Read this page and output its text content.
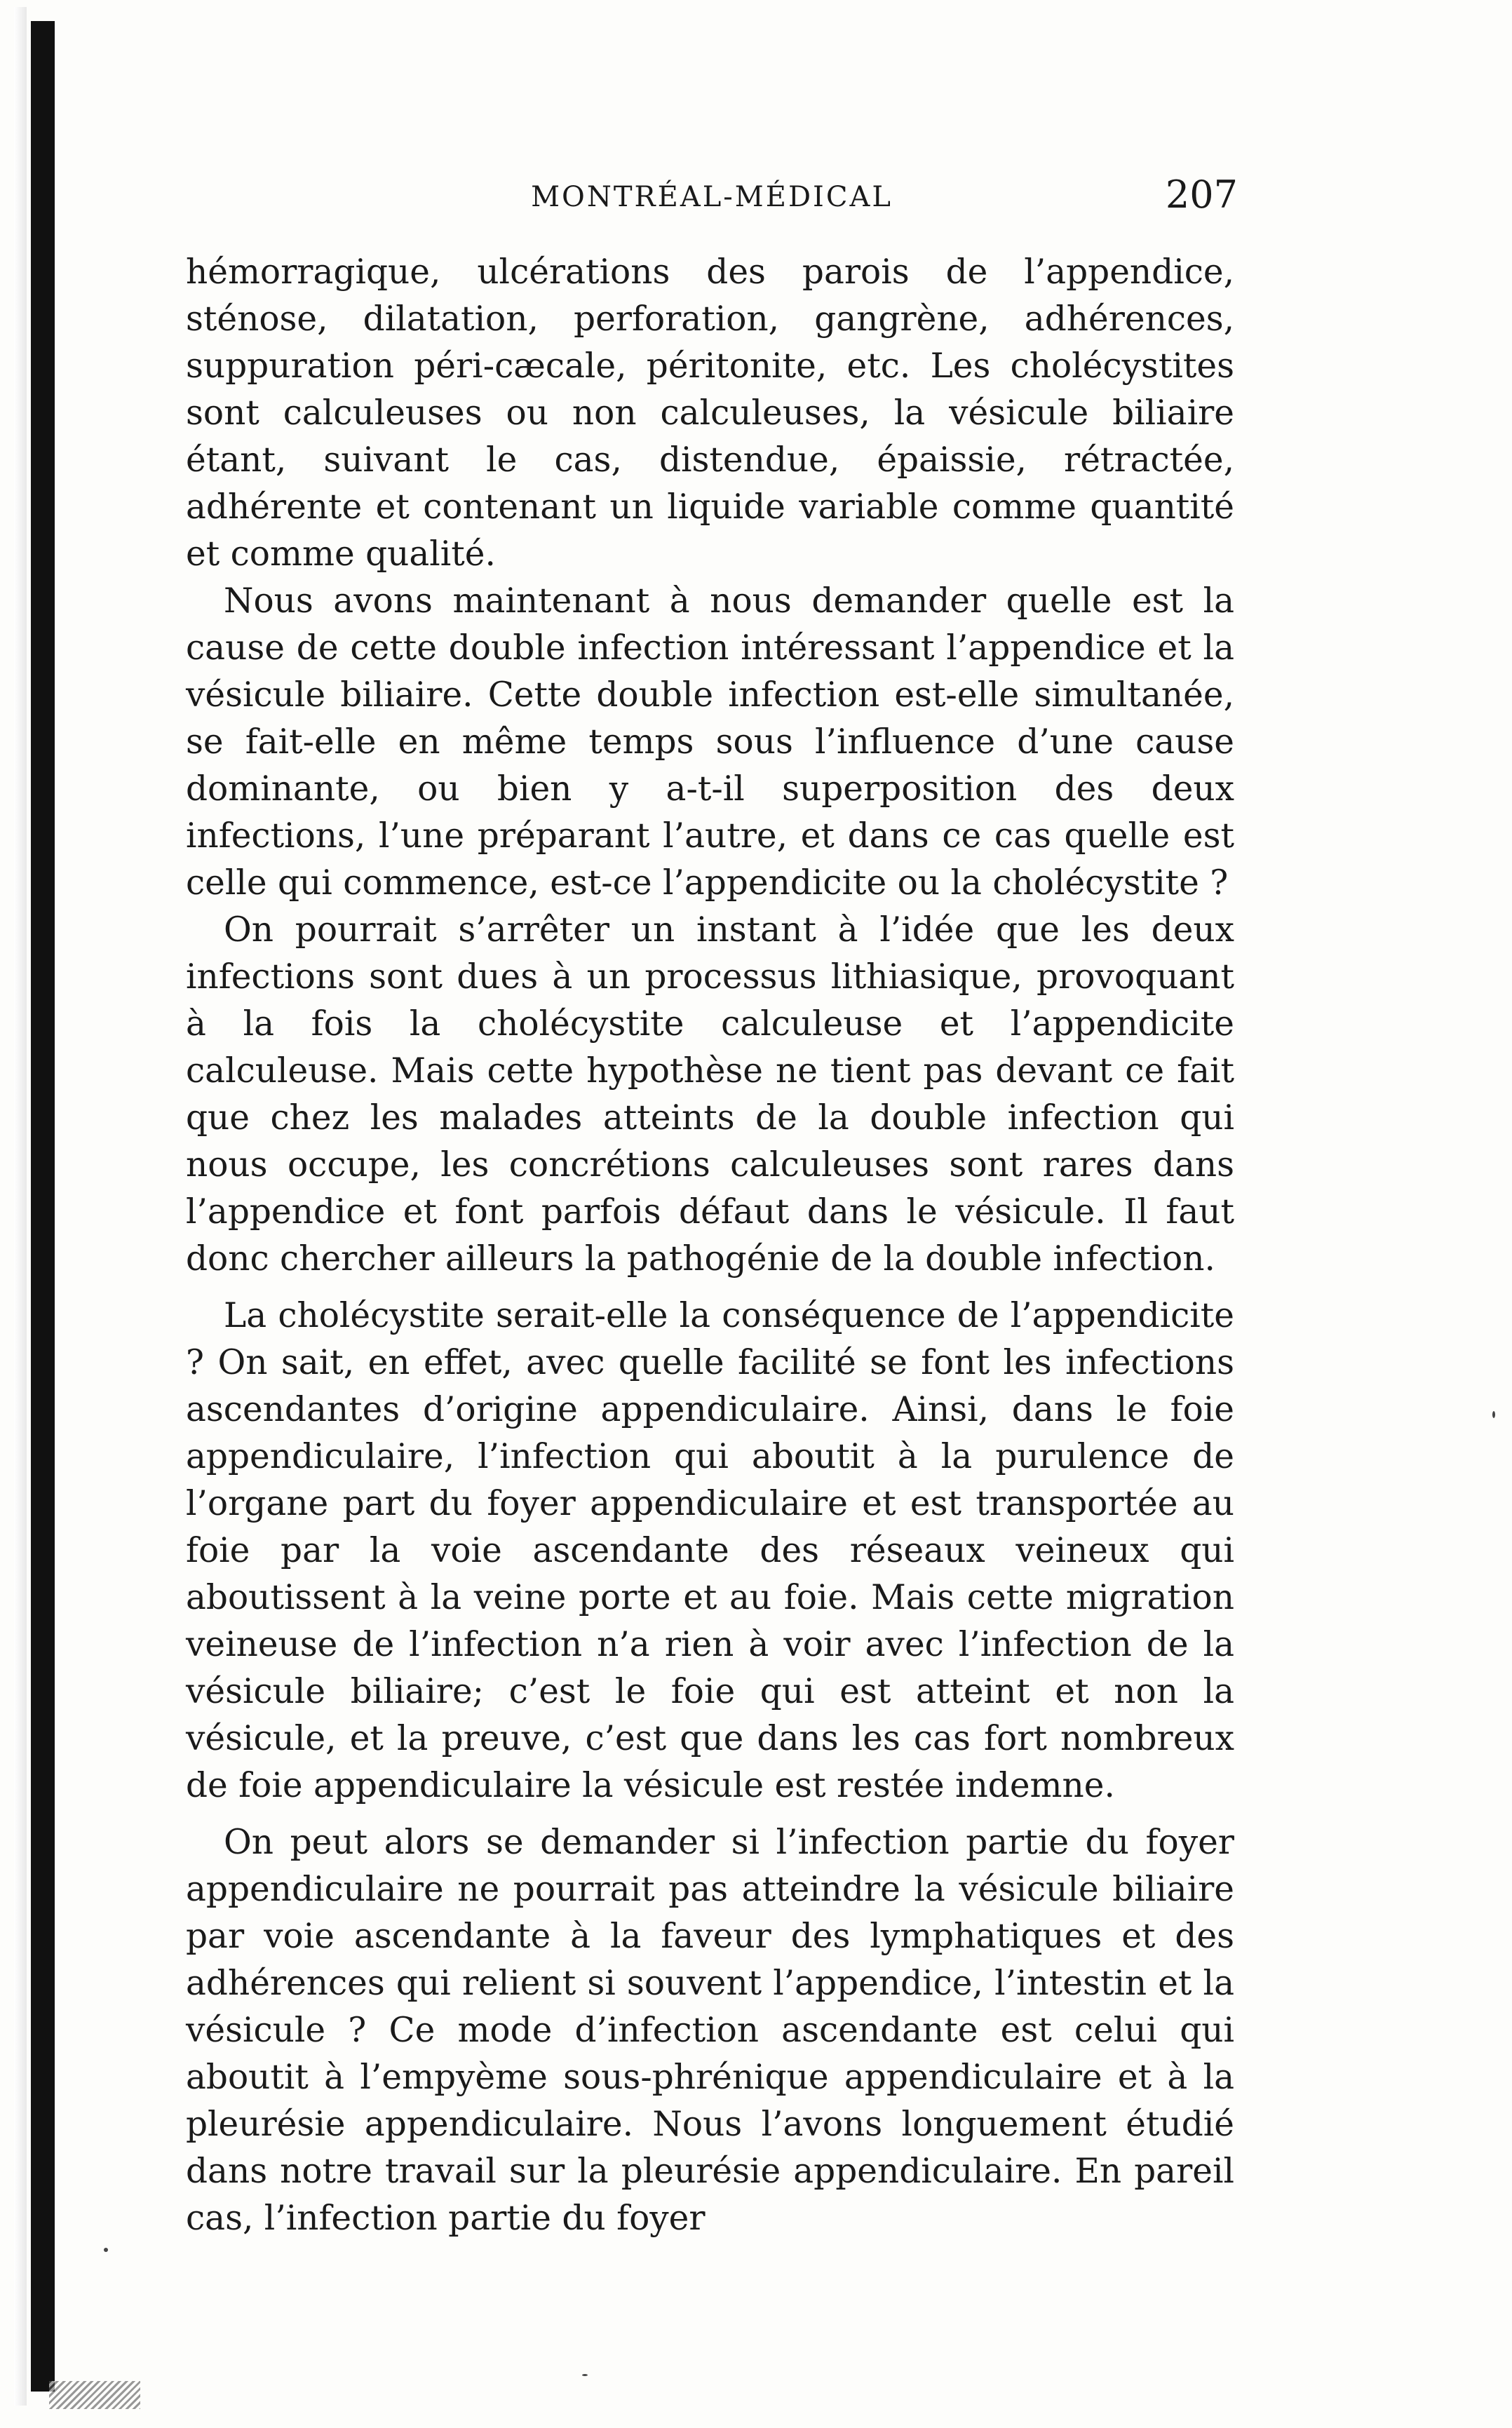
MONTRÉAL-MÉDICAL	207

hémorragique, ulcérations des parois de l’appendice, sténose, dilatation, perforation, gangrène, adhérences, suppuration péri-cæcale, péritonite, etc. Les cholécystites sont calculeuses ou non calculeuses, la vésicule biliaire étant, suivant le cas, distendue, épaissie, rétractée, adhérente et contenant un liquide variable comme quantité et comme qualité.

Nous avons maintenant à nous demander quelle est la cause de cette double infection intéressant l’appendice et la vésicule biliaire. Cette double infection est-elle simultanée, se fait-elle en même temps sous l’influence d’une cause dominante, ou bien y a-t-il superposition des deux infections, l’une préparant l’autre, et dans ce cas quelle est celle qui commence, est-ce l’appendicite ou la cholécystite ?

On pourrait s’arrêter un instant à l’idée que les deux infections sont dues à un processus lithiasique, provoquant à la fois la cholécystite calculeuse et l’appendicite calculeuse. Mais cette hypothèse ne tient pas devant ce fait que chez les malades atteints de la double infection qui nous occupe, les concrétions calculeuses sont rares dans l’appendice et font parfois défaut dans le vésicule. Il faut donc chercher ailleurs la pathogénie de la double infection.

La cholécystite serait-elle la conséquence de l’appendicite ? On sait, en effet, avec quelle facilité se font les infections ascendantes d’origine appendiculaire. Ainsi, dans le foie appendiculaire, l’infection qui aboutit à la purulence de l’organe part du foyer appendiculaire et est transportée au foie par la voie ascendante des réseaux veineux qui aboutissent à la veine porte et au foie. Mais cette migration veineuse de l’infection n’a rien à voir avec l’infection de la vésicule biliaire; c’est le foie qui est atteint et non la vésicule, et la preuve, c’est que dans les cas fort nombreux de foie appendiculaire la vésicule est restée indemne.

On peut alors se demander si l’infection partie du foyer appendiculaire ne pourrait pas atteindre la vésicule biliaire par voie ascendante à la faveur des lymphatiques et des adhérences qui relient si souvent l’appendice, l’intestin et la vésicule ? Ce mode d’infection ascendante est celui qui aboutit à l’empyème sous-phrénique appendiculaire et à la pleurésie appendiculaire. Nous l’avons longuement étudié dans notre travail sur la pleurésie appendiculaire. En pareil cas, l’infection partie du foyer
